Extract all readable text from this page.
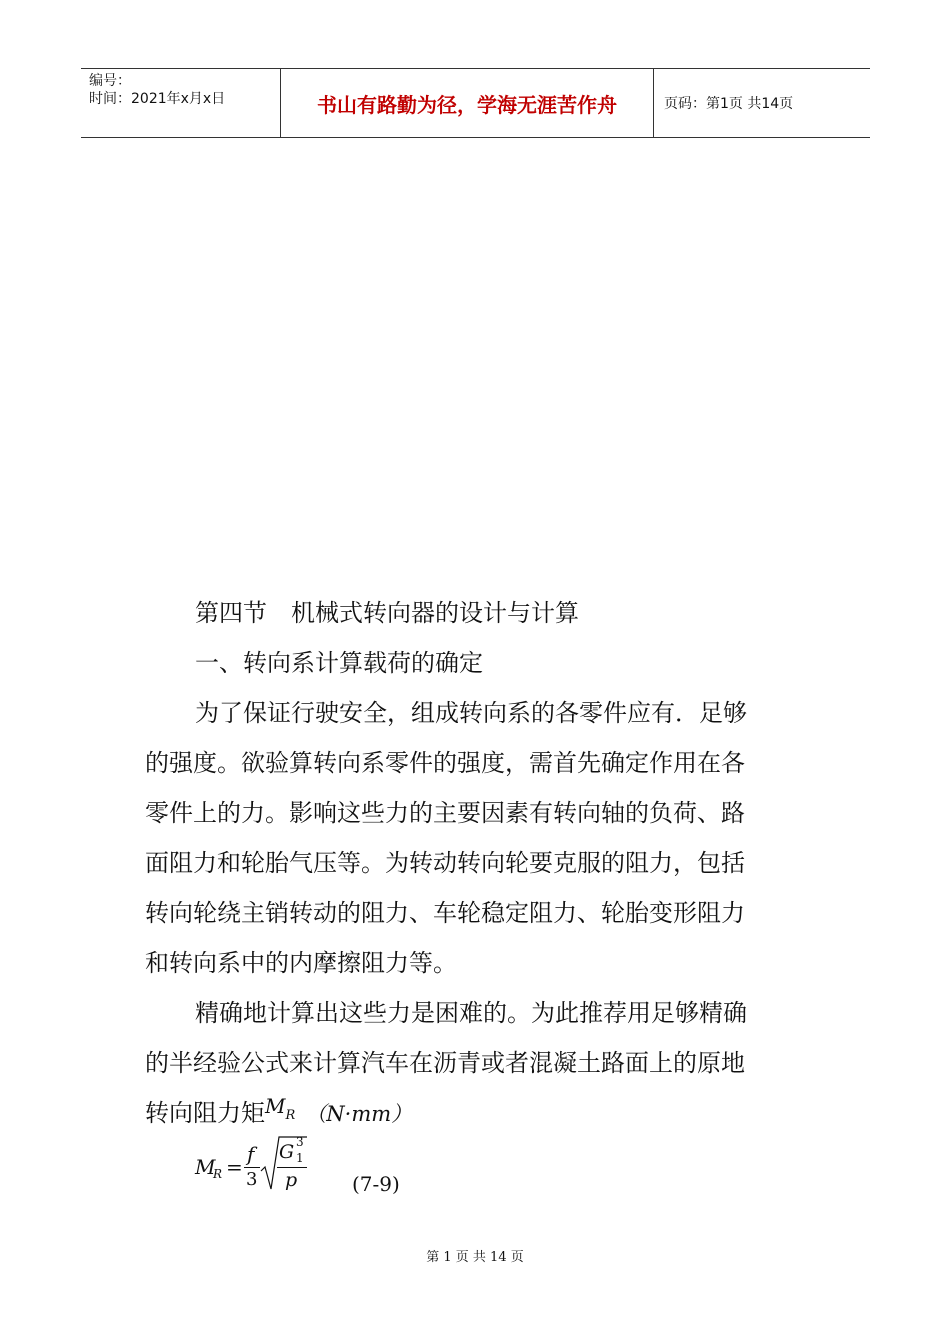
编号：
时间：2021年x月x日	书山有路勤为径，学海无涯苦作舟	页码：第1页 共14页
第四节　机械式转向器的设计与计算
一、转向系计算载荷的确定
为了保证行驶安全，组成转向系的各零件应有．足够
的强度。欲验算转向系零件的强度，需首先确定作用在各
零件上的力。影响这些力的主要因素有转向轴的负荷、路
面阻力和轮胎气压等。为转动转向轮要克服的阻力，包括
转向轮绕主销转动的阻力、车轮稳定阻力、轮胎变形阻力
和转向系中的内摩擦阻力等。
精确地计算出这些力是困难的。为此推荐用足够精确
的半经验公式来计算汽车在沥青或者混凝土路面上的原地
转向阻力矩$^M$R （N·mm）
M
R =
f
3
G 3
1
p	(7-9)
第 1 页 共 14 页
